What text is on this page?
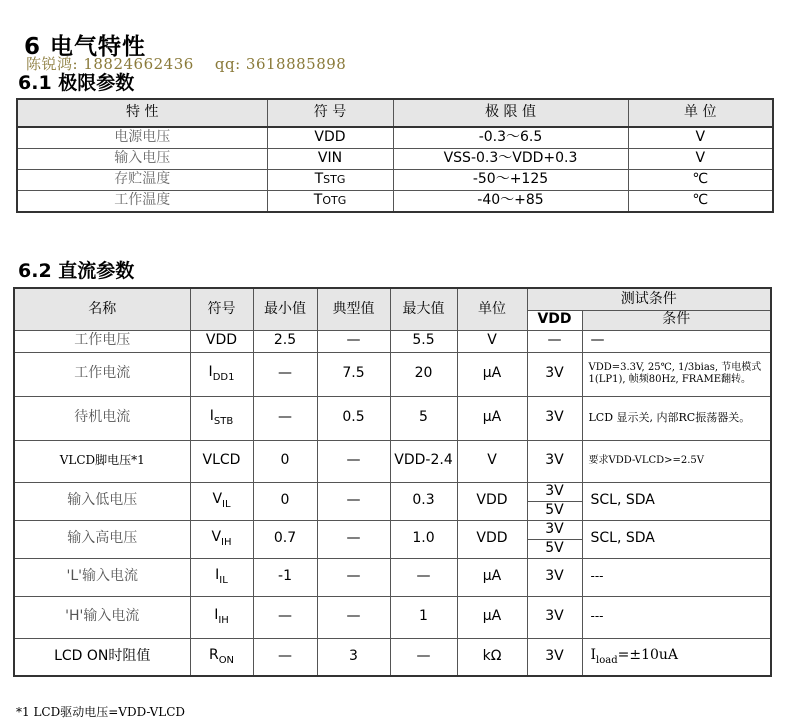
6 电气特性
陈锐鸿: 18824662436    qq: 3618885898
6.1 极限参数
特 性	符 号	极 限 值	单 位
电源电压	VDD	-0.3～6.5	V
输入电压	VIN	VSS-0.3～VDD+0.3	V
存贮温度	TSTG	-50～+125	℃
工作温度	TOTG	-40～+85	℃
6.2 直流参数
名称	符号	最小值	典型值	最大值	单位	测试条件	
						VDD	条件
工作电压	VDD	2.5	—	5.5	V	—	—
工作电流	$I_{DD1}$	—	7.5	20	µA	3V	VDD=3.3V, 25℃, 1/3bias, 节电模式1(LP1), 帧频80Hz, FRAME翻转。
待机电流	$I_{STB}$	—	0.5	5	µA	3V	LCD 显示关, 内部RC振荡器关。
VLCD脚电压*1	VLCD	0	—	VDD-2.4	V	3V	要求VDD-VLCD>=2.5V
输入低电压	$V_{IL}$	0	—	0.3	VDD	3V	SCL, SDA
						5V	
输入高电压	$V_{IH}$	0.7	—	1.0	VDD	3V	SCL, SDA
						5V	
'L'输入电流	$I_{IL}$	-1	—	—	µA	3V	---
'H'输入电流	$I_{IH}$	—	—	1	µA	3V	---
LCD ON时阻值	$R_{ON}$	—	3	—	kΩ	3V	$I_{load}=\pm 10uA$
*1 LCD驱动电压=VDD-VLCD
